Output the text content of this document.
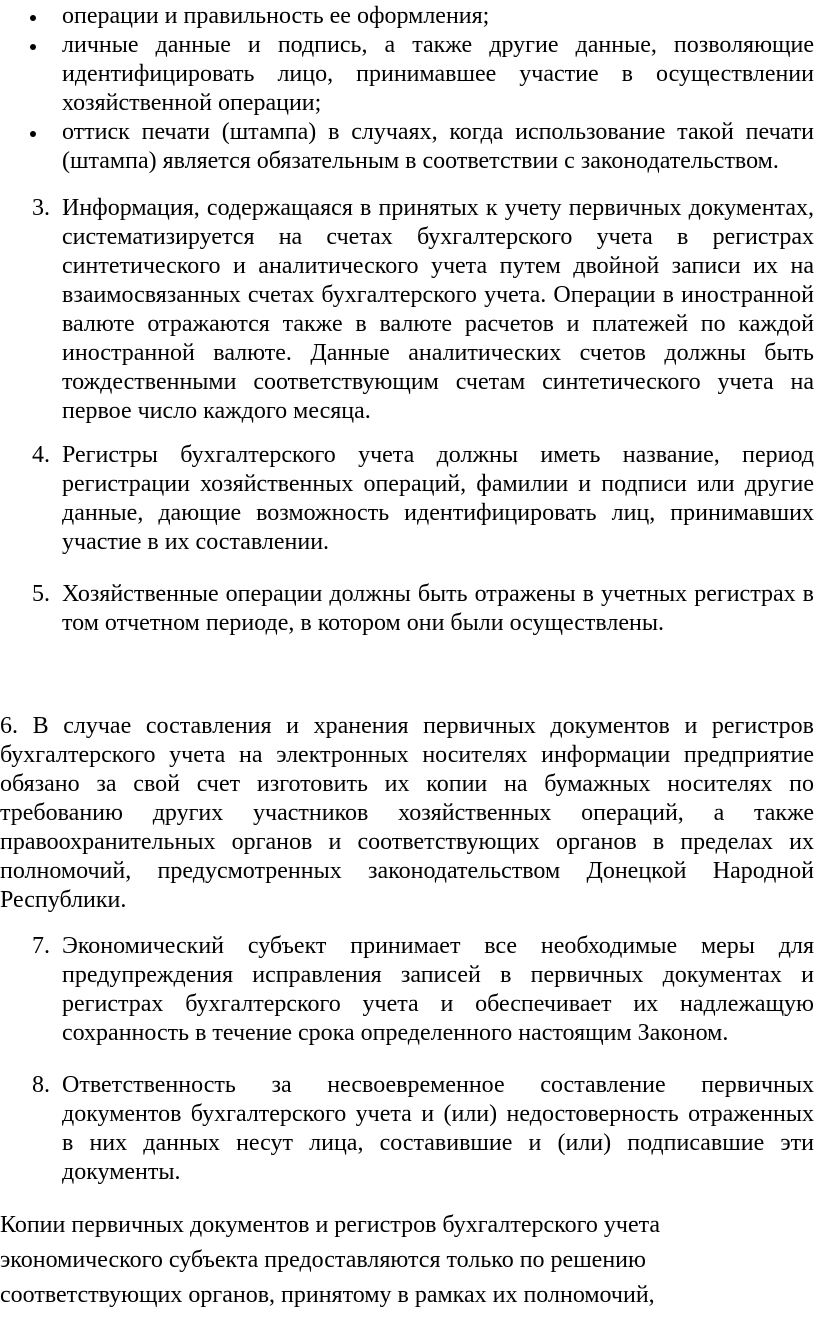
операции и правильность ее оформления;
личные данные и подпись, а также другие данные, позволяющие
идентифицировать лицо, принимавшее участие в осуществлении
хозяйственной операции;
оттиск печати (штампа) в случаях, когда использование такой печати
(штампа) является обязательным в соответствии с законодательством.
3. Информация, содержащаяся в принятых к учету первичных документах,
систематизируется на счетах бухгалтерского учета в регистрах
синтетического и аналитического учета путем двойной записи их на
взаимосвязанных счетах бухгалтерского учета. Операции в иностранной
валюте отражаются также в валюте расчетов и платежей по каждой
иностранной валюте. Данные аналитических счетов должны быть
тождественными соответствующим счетам синтетического учета на
первое число каждого месяца.
4. Регистры бухгалтерского учета должны иметь название, период
регистрации хозяйственных операций, фамилии и подписи или другие
данные, дающие возможность идентифицировать лиц, принимавших
участие в их составлении.
5. Хозяйственные операции должны быть отражены в учетных регистрах в
том отчетном периоде, в котором они были осуществлены.
6. В случае составления и хранения первичных документов и регистров
бухгалтерского учета на электронных носителях информации предприятие
обязано за свой счет изготовить их копии на бумажных носителях по
требованию других участников хозяйственных операций, а также
правоохранительных органов и соответствующих органов в пределах их
полномочий, предусмотренных законодательством Донецкой Народной
Республики.
7. Экономический субъект принимает все необходимые меры для
предупреждения исправления записей в первичных документах и
регистрах бухгалтерского учета и обеспечивает их надлежащую
сохранность в течение срока определенного настоящим Законом.
8. Ответственность за несвоевременное составление первичных
документов бухгалтерского учета и (или) недостоверность отраженных
в них данных несут лица, составившие и (или) подписавшие эти
документы.
Копии первичных документов и регистров бухгалтерского учета
экономического субъекта предоставляются только по решению
соответствующих органов, принятому в рамках их полномочий,
